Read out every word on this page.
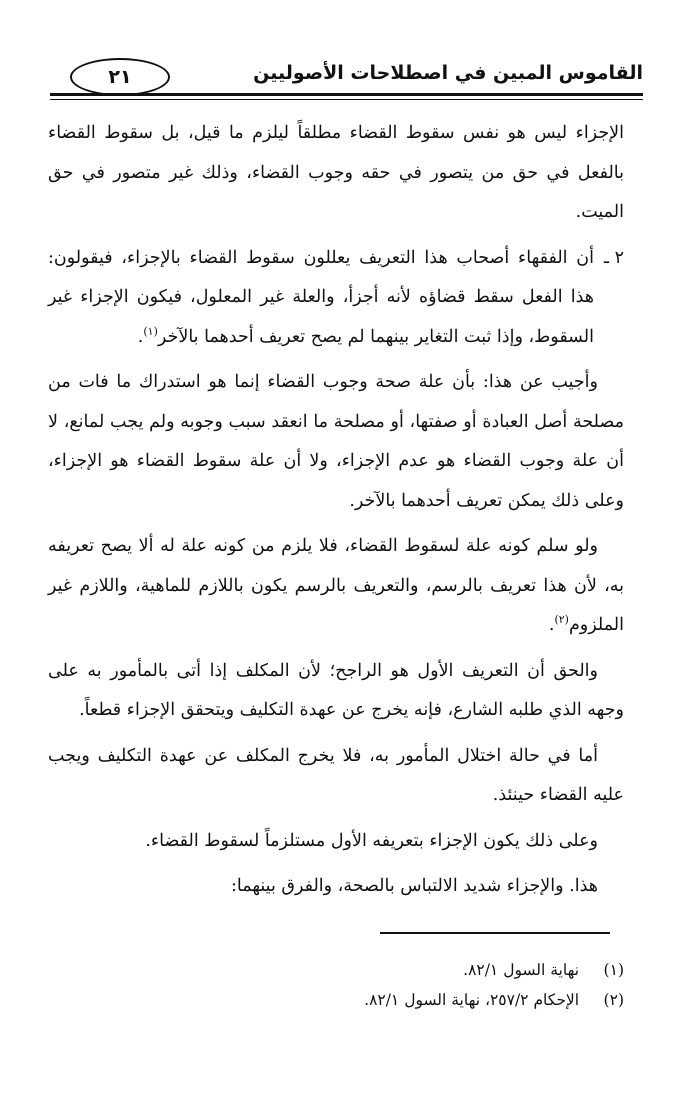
٢١	القاموس المبين في اصطلاحات الأصوليين

الإجزاء ليس هو نفس سقوط القضاء مطلقاً ليلزم ما قيل، بل سقوط القضاء بالفعل في حق من يتصور في حقه وجوب القضاء، وذلك غير متصور في حق الميت.

٢ ـ
أن الفقهاء أصحاب هذا التعريف يعللون سقوط القضاء بالإجزاء، فيقولون: هذا الفعل سقط قضاؤه لأنه أجزأ، والعلة غير المعلول، فيكون الإجزاء غير السقوط، وإذا ثبت التغاير بينهما لم يصح تعريف أحدهما بالآخر$^{(١)}$.

وأجيب عن هذا: بأن علة صحة وجوب القضاء إنما هو استدراك ما فات من مصلحة أصل العبادة أو صفتها، أو مصلحة ما انعقد سبب وجوبه ولم يجب لمانع، لا أن علة وجوب القضاء هو عدم الإجزاء، ولا أن علة سقوط القضاء هو الإجزاء، وعلى ذلك يمكن تعريف أحدهما بالآخر.

ولو سلم كونه علة لسقوط القضاء، فلا يلزم من كونه علة له ألا يصح تعريفه به، لأن هذا تعريف بالرسم، والتعريف بالرسم يكون باللازم للماهية، واللازم غير الملزوم$^{(٢)}$.

والحق أن التعريف الأول هو الراجح؛ لأن المكلف إذا أتى بالمأمور به على وجهه الذي طلبه الشارع، فإنه يخرج عن عهدة التكليف ويتحقق الإجزاء قطعاً.

أما في حالة اختلال المأمور به، فلا يخرج المكلف عن عهدة التكليف ويجب عليه القضاء حينئذ.

وعلى ذلك يكون الإجزاء بتعريفه الأول مستلزماً لسقوط القضاء.

هذا. والإجزاء شديد الالتباس بالصحة، والفرق بينهما:

(١) نهاية السول ٨٢/١.
(٢) الإحكام ٢٥٧/٢، نهاية السول ٨٢/١.
